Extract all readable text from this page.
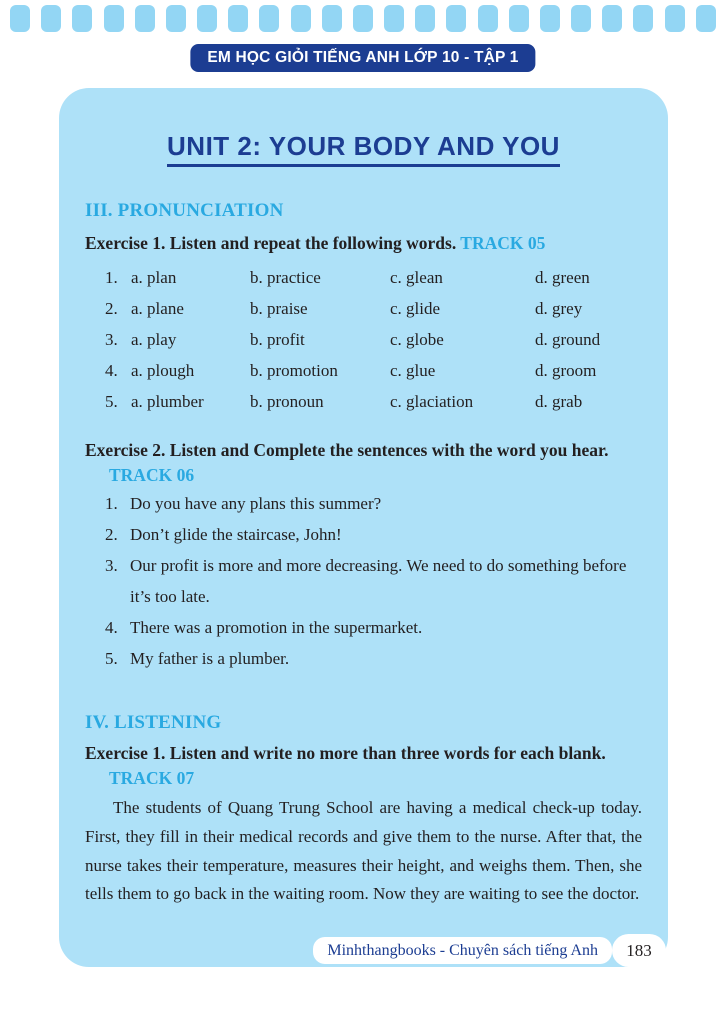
EM HỌC GIỎI TIẾNG ANH LỚP 10 - TẬP 1
UNIT 2: YOUR BODY AND YOU
III. PRONUNCIATION

Exercise 1. Listen and repeat the following words. TRACK 05

1. a. plan	b. practice	c. glean	d. green
2. a. plane	b. praise	c. glide	d. grey
3. a. play	b. profit	c. globe	d. ground
4. a. plough	b. promotion	c. glue	d. groom
5. a. plumber	b. pronoun	c. glaciation	d. grab

Exercise 2. Listen and Complete the sentences with the word you hear. TRACK 06

1. Do you have any plans this summer?
2. Don’t glide the staircase, John!
3. Our profit is more and more decreasing. We need to do something before it’s too late.
4. There was a promotion in the supermarket.
5. My father is a plumber.
IV. LISTENING

Exercise 1. Listen and write no more than three words for each blank. TRACK 07

The students of Quang Trung School are having a medical check-up today. First, they fill in their medical records and give them to the nurse. After that, the nurse takes their temperature, measures their height, and weighs them. Then, she tells them to go back in the waiting room. Now they are waiting to see the doctor.

Minhthangbooks - Chuyên sách tiếng Anh	183
